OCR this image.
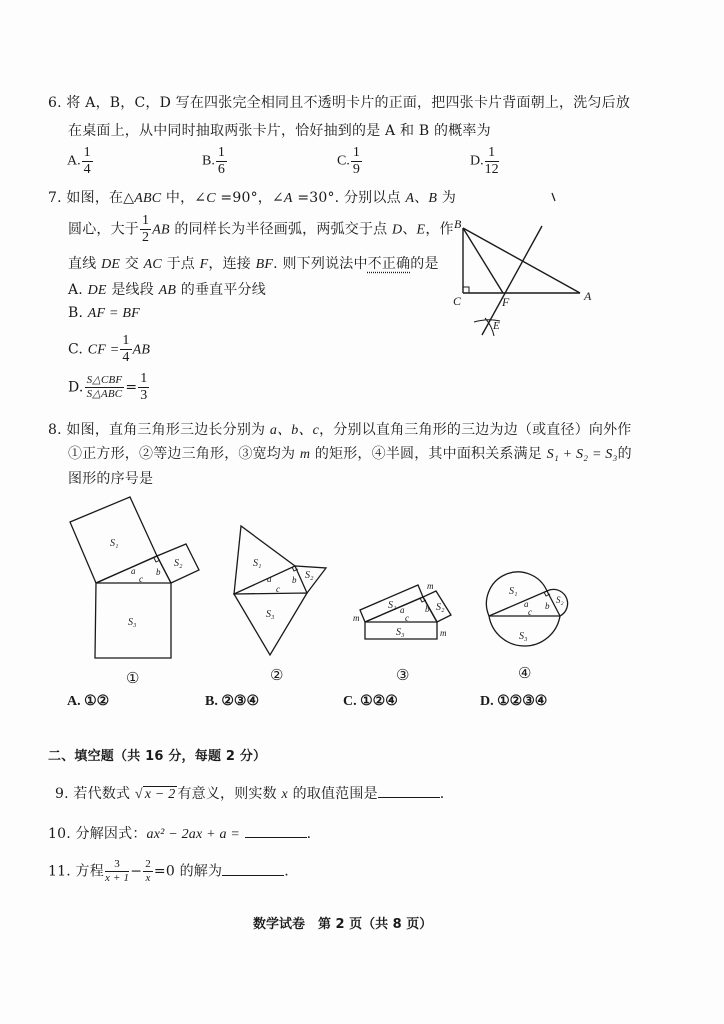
6. 将 A，B，C，D 写在四张完全相同且不透明卡片的正面，把四张卡片背面朝上，洗匀后放
在桌面上，从中同时抽取两张卡片，恰好抽到的是 A 和 B 的概率为
A. $\frac{1}{4}$	B. $\frac{1}{6}$	C. $\frac{1}{9}$	D. $\frac{1}{12}$
7. 如图，在△ABC 中，∠C =90°，∠A =30°. 分别以点 A、B 为
圆心，大于 $\frac{1}{2}$ AB 的同样长为半径画弧，两弧交于点 D、E，作
直线 DE 交 AC 于点 F，连接 BF. 则下列说法中不正确的是
A. DE 是线段 AB 的垂直平分线
B. AF = BF
C. CF = $\frac{1}{4}$ AB
D. $\frac{\text{S△CBF}}{\text{S△ABC}} = \frac{1}{3}$
B
C	F	A
E
8. 如图，直角三角形三边长分别为 a、b、c，分别以直角三角形的三边为边（或直径）向外作
①正方形，②等边三角形，③宽均为 m 的矩形，④半圆，其中面积关系满足 S₁ + S₂ = S₃的
图形的序号是
S₁
S₂
S₃
a b
c
S₁
S₂
S₃
a b
c
S₁	S₂
S₃
a b
c
m
m
m
S₁
S₂
S₃
a b
c
①	②	③	④
A. ①②	B. ②③④	C. ①②④	D. ①②③④
二、填空题（共 16 分，每题 2 分）
9. 若代数式 √ x − 2 有意义，则实数 x 的取值范围是	.
10. 分解因式：ax² − 2ax + a =	.
11. 方程 $\frac{3}{x + 1} - \frac{2}{x} =0$ 的解为	.
数学试卷　第 2 页（共 8 页）
